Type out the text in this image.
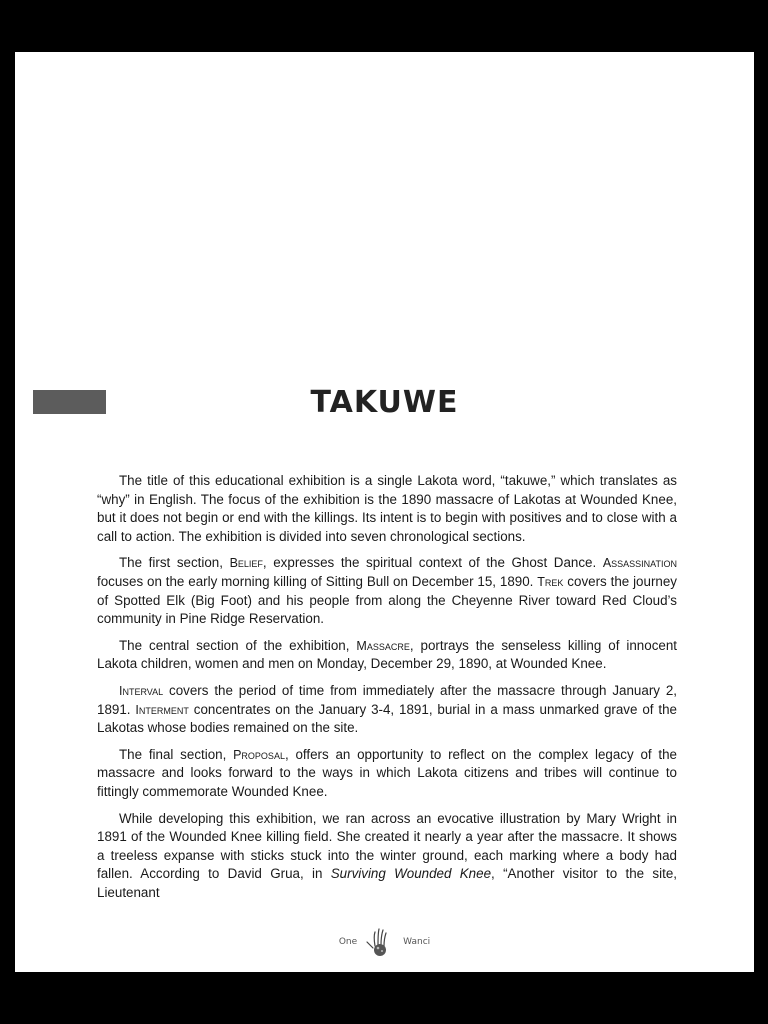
TAKUWE

The title of this educational exhibition is a single Lakota word, “takuwe,” which translates as “why” in English. The focus of the exhibition is the 1890 massacre of Lakotas at Wounded Knee, but it does not begin or end with the killings. Its intent is to begin with positives and to close with a call to action. The exhibition is divided into seven chronological sections.

The first section, Belief, expresses the spiritual context of the Ghost Dance. Assassination focuses on the early morning killing of Sitting Bull on December 15, 1890. Trek covers the journey of Spotted Elk (Big Foot) and his people from along the Cheyenne River toward Red Cloud’s community in Pine Ridge Reservation.

The central section of the exhibition, Massacre, portrays the senseless killing of innocent Lakota children, women and men on Monday, December 29, 1890, at Wounded Knee.

Interval covers the period of time from immediately after the massacre through January 2, 1891. Interment concentrates on the January 3-4, 1891, burial in a mass unmarked grave of the Lakotas whose bodies remained on the site.

The final section, Proposal, offers an opportunity to reflect on the complex legacy of the massacre and looks forward to the ways in which Lakota citizens and tribes will continue to fittingly commemorate Wounded Knee.

While developing this exhibition, we ran across an evocative illustration by Mary Wright in 1891 of the Wounded Knee killing field. She created it nearly a year after the massacre. It shows a treeless expanse with sticks stuck into the winter ground, each marking where a body had fallen. According to David Grua, in Surviving Wounded Knee, “Another visitor to the site, Lieutenant

One	Wanci
